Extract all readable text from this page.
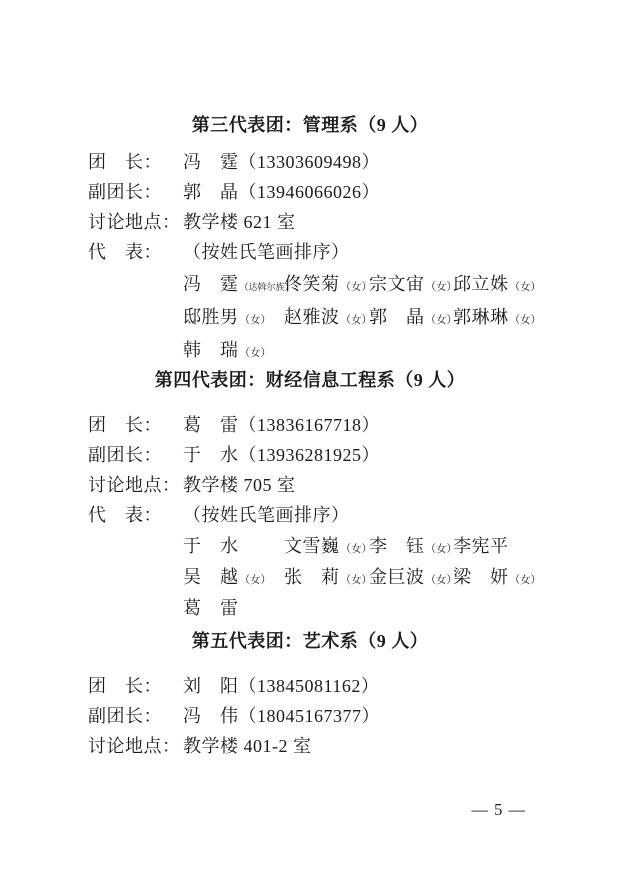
第三代表团：管理系（9 人）
团　长：	冯　霆（13303609498）
副团长：	郭　晶（13946066026）
讨论地点： 教学楼 621 室
代　表：	（按姓氏笔画排序）
冯　霆（达斡尔族）
佟笑菊（女）
宗文宙（女）
邱立姝（女）
邸胜男（女） 赵雅波（女）
郭　晶（女）
郭琳琳（女）
韩　瑞（女）
第四代表团：财经信息工程系（9 人）
团　长：	葛　雷（13836167718）
副团长：	于　水（13936281925）
讨论地点： 教学楼 705 室
代　表：	（按姓氏笔画排序）
于　水	文雪巍（女）
李　钰（女）
李宪平
吴　越（女） 张　莉（女）
金巨波（女）
梁　妍（女）
葛　雷
第五代表团：艺术系（9 人）
团　长：	刘　阳（13845081162）
副团长：	冯　伟（18045167377）
讨论地点： 教学楼 401-2 室
— 5 —
